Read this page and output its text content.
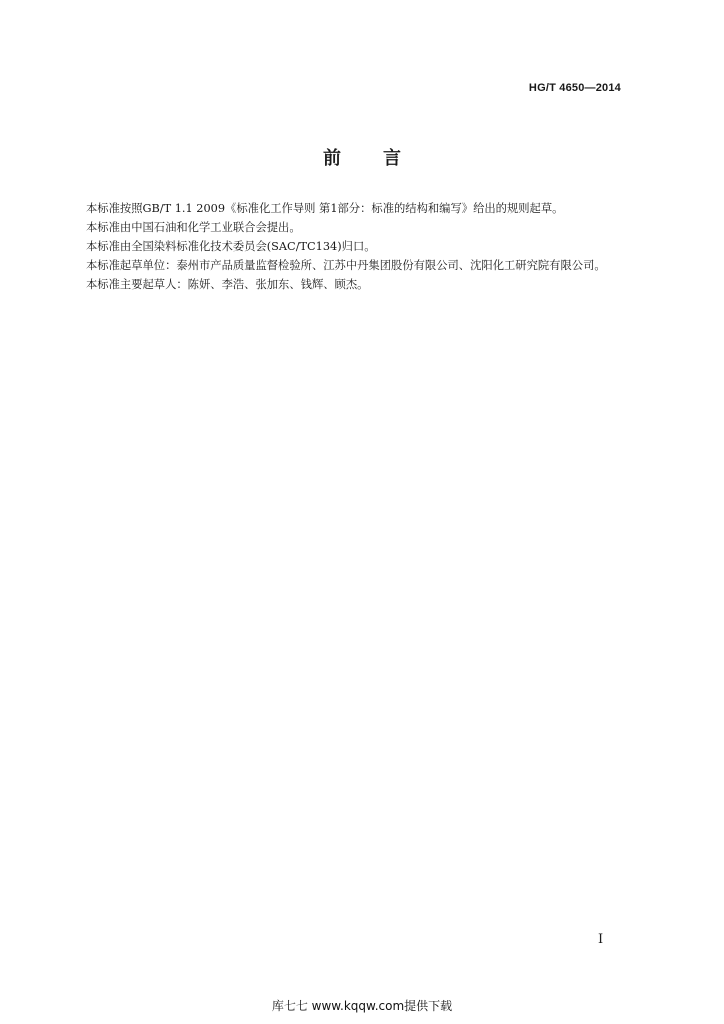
HG/T 4650—2014
前言

本标准按照GB/T 1.1 2009《标准化工作导则 第1部分：标准的结构和编写》给出的规则起草。

本标准由中国石油和化学工业联合会提出。

本标准由全国染料标准化技术委员会(SAC/TC134)归口。

本标准起草单位：泰州市产品质量监督检验所、江苏中丹集团股份有限公司、沈阳化工研究院有限公司。

本标准主要起草人：陈妍、李浩、张加东、钱辉、顾杰。

I
库七七 www.kqqw.com提供下载
